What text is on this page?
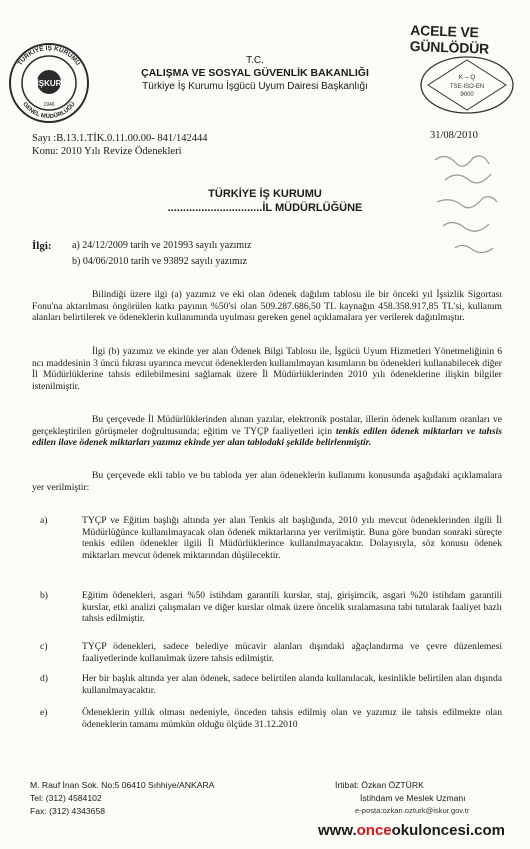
ACELE VE GÜNLÖDÜR
İŞKUR
1946
TÜRKİYE İŞ KURUMU
GENEL MÜDÜRLÜĞÜ
T.C.
ÇALIŞMA VE SOSYAL GÜVENLİK BAKANLIĞI
Türkiye İş Kurumu İşgücü Uyum Dairesi Başkanlığı
K – Q
TSE-ISO-EN
9000
Sayı :B.13.1.TİK.0.11.00.00- 841/142444
Konu: 2010 Yılı Revize Ödenekleri
31/08/2010
TÜRKİYE İŞ KURUMU
...............................İL MÜDÜRLÜĞÜNE
İlgi: a) 24/12/2009 tarih ve 201993 sayılı yazımız
b) 04/06/2010 tarih ve 93892 sayılı yazımız
Bilindiği üzere ilgi (a) yazımız ve eki olan ödenek dağılım tablosu ile bir önceki yıl İşsizlik Sigortası Fonu'na aktarılması öngörülen katkı payının %50'si olan 509.287.686,50 TL kaynağın 458.358.917,85 TL'si, kullanım alanları belirtilerek ve ödeneklerin kullanımında uyulması gereken genel açıklamalara yer verilerek dağıtılmıştır.
İlgi (b) yazımız ve ekinde yer alan Ödenek Bilgi Tablosu ile, İşgücü Uyum Hizmetleri Yönetmeliğinin 6 ncı maddesinin 3 üncü fıkrası uyarınca mevcut ödeneklerden kullanılmayan kısımların bu ödenekleri kullanabilecek diğer İl Müdürlüklerine tahsis edilebilmesini sağlamak üzere İl Müdürlüklerinden 2010 yılı ödeneklerine ilişkin bilgiler istenilmiştir.
Bu çerçevede İl Müdürlüklerinden alınan yazılar, elektronik postalar, illerin ödenek kullanım oranları ve gerçekleştirilen görüşmeler doğrultusunda; eğitim ve TYÇP faaliyetleri için tenkis edilen ödenek miktarları ve tahsis edilen ilave ödenek miktarları yazımız ekinde yer alan tablodaki şekilde belirlenmiştir.
Bu çerçevede ekli tablo ve bu tabloda yer alan ödeneklerin kullanımı konusunda aşağıdaki açıklamalara yer verilmiştir:
a)	TYÇP ve Eğitim başlığı altında yer alan Tenkis alt başlığında, 2010 yılı mevcut ödeneklerinden ilgili İl Müdürlüğünce kullanılmayacak olan ödenek miktarlarına yer verilmiştir. Buna göre bundan sonraki süreçte tenkis edilen ödenekler ilgili İl Müdürlüklerince kullanılmayacaktır. Dolayısıyla, söz konusu ödenek miktarları mevcut ödenek miktarından düşülecektir.
b)	Eğitim ödenekleri, asgari %50 istihdam garantili kurslar, staj, girişimcik, asgari %20 istihdam garantili kurslar, etki analizi çalışmaları ve diğer kurslar olmak üzere öncelik sıralamasına tabi tutularak faaliyet bazlı tahsis edilmiştir.
c)	TYÇP ödenekleri, sadece belediye mücavir alanları dışındaki ağaçlandırma ve çevre düzenlemesi faaliyetlerinde kullanılmak üzere tahsis edilmiştir.
d)	Her bir başlık altında yer alan ödenek, sadece belirtilen alanda kullanılacak, kesinlikle belirtilen alan dışında kullanılmayacaktır.
e)	Ödeneklerin yıllık olması nedeniyle, önceden tahsis edilmiş olan ve yazımız ile tahsis edilmekte olan ödeneklerin tamamı mümkün olduğu ölçüde 31.12.2010
M. Rauf İnan Sok. No:5 06410 Sıhhiye/ANKARA
Tel: (312) 4584102
Fax: (312) 4343658
İrtibat: Özkan ÖZTÜRK
İstihdam ve Meslek Uzmanı
e-posta:ozkan.ozturk@iskur.gov.tr
www.onceokuloncesi.com
